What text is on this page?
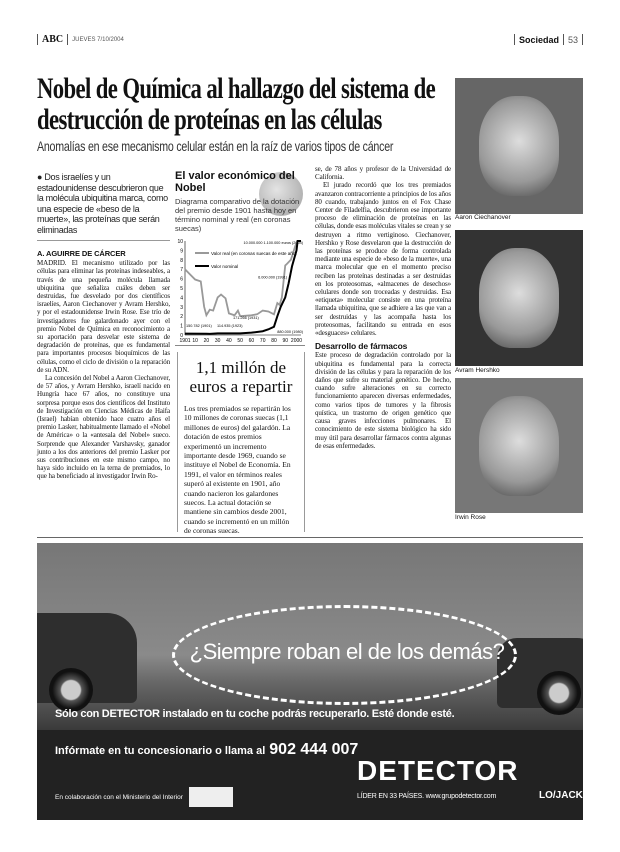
ABC JUEVES 7/10/2004	Sociedad 53
Nobel de Química al hallazgo del sistema de destrucción de proteínas en las células
Anomalías en ese mecanismo celular están en la raíz de varios tipos de cáncer
● Dos israelíes y un estadounidense descubrieron que la molécula ubiquitina marca, como una especie de «beso de la muerte», las proteínas que serán eliminadas
A. AGUIRRE DE CÁRCER

MADRID. El mecanismo utilizado por las células para eliminar las proteínas indeseables, a través de una pequeña molécula llamada ubiquitina que señaliza cuáles deben ser destruidas, fue desvelado por dos científicos israelíes, Aaron Ciechanover y Avram Hershko, y por el estadounidense Irwin Rose. Ese trío de investigadores fue galardonado ayer con el premio Nobel de Química en reconocimiento a su aportación para desvelar este sistema de degradación de proteínas, que es fundamental para importantes procesos bioquímicos de las células, como el ciclo de división o la reparación de su ADN.

La concesión del Nobel a Aaron Ciechanover, de 57 años, y Avram Hershko, israelí nacido en Hungría hace 67 años, no constituye una sorpresa porque esos dos científicos del Instituto de Investigación en Ciencias Médicas de Haifa (Israel) habían obtenido hace cuatro años el premio Lasker, habitualmente llamado el «Nobel de América» o la «antesala del Nobel» sueco. Sorprende que Alexander Varshavsky, ganador junto a los dos anteriores del premio Lasker por sus contribuciones en este mismo campo, no haya sido incluido en la terna de premiados, lo que ha beneficiado al investigador Irwin Ro-

El valor económico del Nobel
Diagrama comparativo de la dotación del premio desde 1901 hasta hoy en término nominal y real (en coronas suecas)
0
1
2
3
4
5
6
7
8
9
10
1901 10 20 30 40 50 60 70 80 90 2000
Valor real (en coronas suecas de este año)
Valor nominal
150.782 (1901) 114.935 (1923)
171.266 (1931)
6.000.000 (1991)
880.000 (1980)
10.000.000 1.100.000 euros (2004)
1,1 millón de euros a repartir
Los tres premiados se repartirán los 10 millones de coronas suecas (1,1 millones de euros) del galardón. La dotación de estos premios experimentó un incremento importante desde 1969, cuando se instituye el Nobel de Economía. En 1991, el valor en términos reales superó al existente en 1901, año cuando nacieron los galardones suecos. La actual dotación se mantiene sin cambios desde 2001, cuando se incrementó en un millón de coronas suecas.

se, de 78 años y profesor de la Universidad de California.

El jurado recordó que los tres premiados avanzaron contracorriente a principios de los años 80 cuando, trabajando juntos en el Fox Chase Center de Filadelfia, descubrieron ese importante proceso de eliminación de proteínas en las células, donde esas moléculas vitales se crean y se destruyen a ritmo vertiginoso. Ciechanover, Hershko y Rose desvelaron que la destrucción de las proteínas se produce de forma controlada mediante una especie de «beso de la muerte», una marca molecular que en el momento preciso reciben las proteínas destinadas a ser destruidas en los proteosomas, «almacenes de desechos» celulares donde son troceadas y destruidas. Esa «etiqueta» molecular consiste en una proteína llamada ubiquitina, que se adhiere a las que van a ser destruidas y las acompaña hasta los proteosomas, facilitando su entrada en esos «desguaces» celulares.

Desarrollo de fármacos

Este proceso de degradación controlado por la ubiquitina es fundamental para la correcta división de las células y para la reparación de los daños que sufre su material genético. De hecho, cuando sufre alteraciones en su correcto funcionamiento aparecen diversas enfermedades, como varios tipos de tumores y la fibrosis quística, un trastorno de origen genético que causa graves infecciones pulmonares. El conocimiento de este sistema biológico ha sido muy útil para desarrollar fármacos contra algunas de esas enfermedades.

Aaron Ciechanover
Avram Hershko
Irwin Rose
¿Siempre roban el de los demás?
Sólo con DETECTOR instalado en tu coche podrás recuperarlo. Esté donde esté.
Infórmate en tu concesionario o llama al 902 444 007
En colaboración con el Ministerio del Interior
DETECTOR
LÍDER EN 33 PAÍSES. www.grupodetector.com	LO/JACK
